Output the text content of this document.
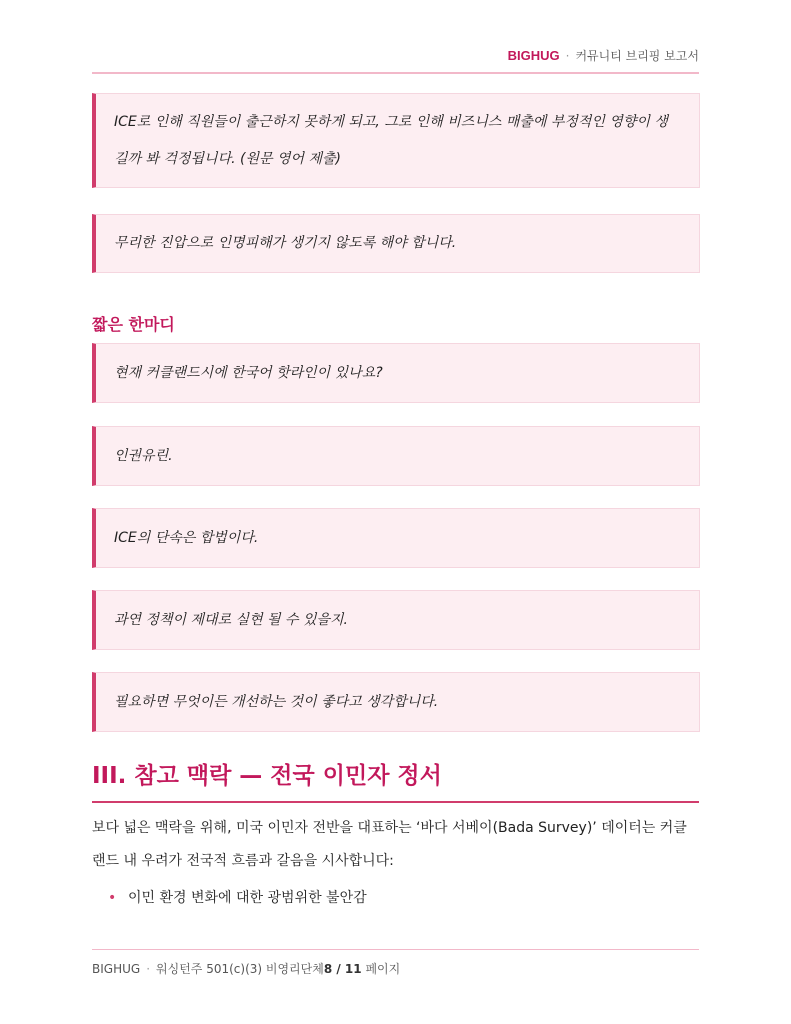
BIGHUG · 커뮤니티 브리핑 보고서

ICE로 인해 직원들이 출근하지 못하게 되고, 그로 인해 비즈니스 매출에 부정적인 영향이 생길까 봐 걱정됩니다. (원문 영어 제출)

무리한 진압으로 인명피해가 생기지 않도록 해야 합니다.

짧은 한마디

현재 커클랜드시에 한국어 핫라인이 있나요?

인권유린.

ICE의 단속은 합법이다.

과연 정책이 제대로 실현 될 수 있을지.

필요하면 무엇이든 개선하는 것이 좋다고 생각합니다.

III. 참고 맥락 — 전국 이민자 정서

보다 넓은 맥락을 위해, 미국 이민자 전반을 대표하는 ‘바다 서베이(Bada Survey)’ 데이터는 커클랜드 내 우려가 전국적 흐름과 갈음을 시사합니다:

• 이민 환경 변화에 대한 광범위한 불안감
BIGHUG · 워싱턴주 501(c)(3) 비영리단체8 / 11 페이지
